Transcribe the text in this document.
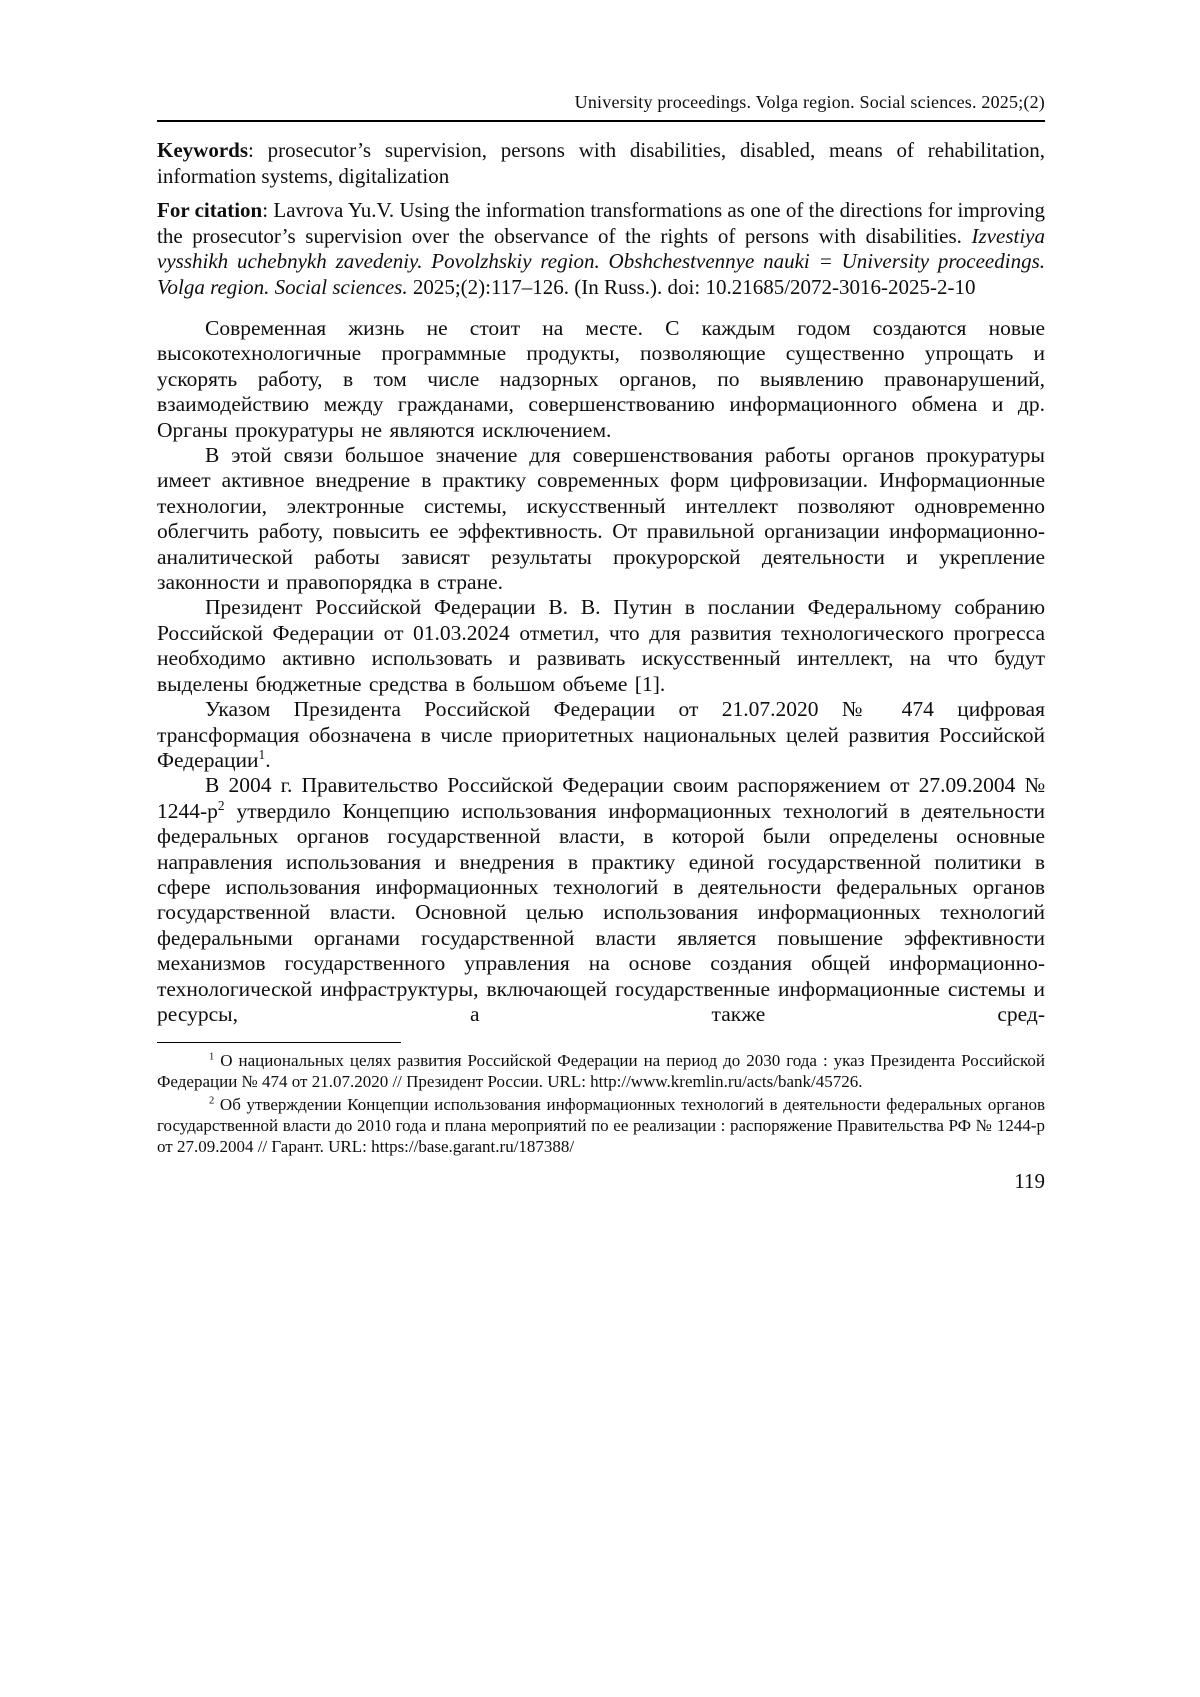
University proceedings. Volga region. Social sciences. 2025;(2)

Keywords: prosecutor’s supervision, persons with disabilities, disabled, means of rehabilitation, information systems, digitalization

For citation: Lavrova Yu.V. Using the information transformations as one of the directions for improving the prosecutor’s supervision over the observance of the rights of persons with disabilities. Izvestiya vysshikh uchebnykh zavedeniy. Povolzhskiy region. Obshchestvennye nauki = University proceedings. Volga region. Social sciences. 2025;(2):117–126. (In Russ.). doi: 10.21685/2072-3016-2025-2-10

Современная жизнь не стоит на месте. С каждым годом создаются новые высокотехнологичные программные продукты, позволяющие существенно упрощать и ускорять работу, в том числе надзорных органов, по выявлению правонарушений, взаимодействию между гражданами, совершенствованию информационного обмена и др. Органы прокуратуры не являются исключением.

В этой связи большое значение для совершенствования работы органов прокуратуры имеет активное внедрение в практику современных форм цифровизации. Информационные технологии, электронные системы, искусственный интеллект позволяют одновременно облегчить работу, повысить ее эффективность. От правильной организации информационно-аналитической работы зависят результаты прокурорской деятельности и укрепление законности и правопорядка в стране.

Президент Российской Федерации В. В. Путин в послании Федеральному собранию Российской Федерации от 01.03.2024 отметил, что для развития технологического прогресса необходимо активно использовать и развивать искусственный интеллект, на что будут выделены бюджетные средства в большом объеме [1].

Указом Президента Российской Федерации от 21.07.2020 № 474 цифровая трансформация обозначена в числе приоритетных национальных целей развития Российской Федерации$^1$.

В 2004 г. Правительство Российской Федерации своим распоряжением от 27.09.2004 № $1244-р^2$ утвердило Концепцию использования информационных технологий в деятельности федеральных органов государственной власти, в которой были определены основные направления использования и внедрения в практику единой государственной политики в сфере использования информационных технологий в деятельности федеральных органов государственной власти. Основной целью использования информационных технологий федеральными органами государственной власти является повышение эффективности механизмов государственного управления на основе создания общей информационно-технологической инфраструктуры, включающей государственные информационные системы и ресурсы, а также сред-

$^1$ О национальных целях развития Российской Федерации на период до 2030 года : указ Президента Российской Федерации № 474 от 21.07.2020 // Президент России. URL: http://www.kremlin.ru/acts/bank/45726.

$^2$ Об утверждении Концепции использования информационных технологий в деятельности федеральных органов государственной власти до 2010 года и плана мероприятий по ее реализации : распоряжение Правительства РФ № 1244-р от 27.09.2004 // Гарант. URL: https://base.garant.ru/187388/

119
